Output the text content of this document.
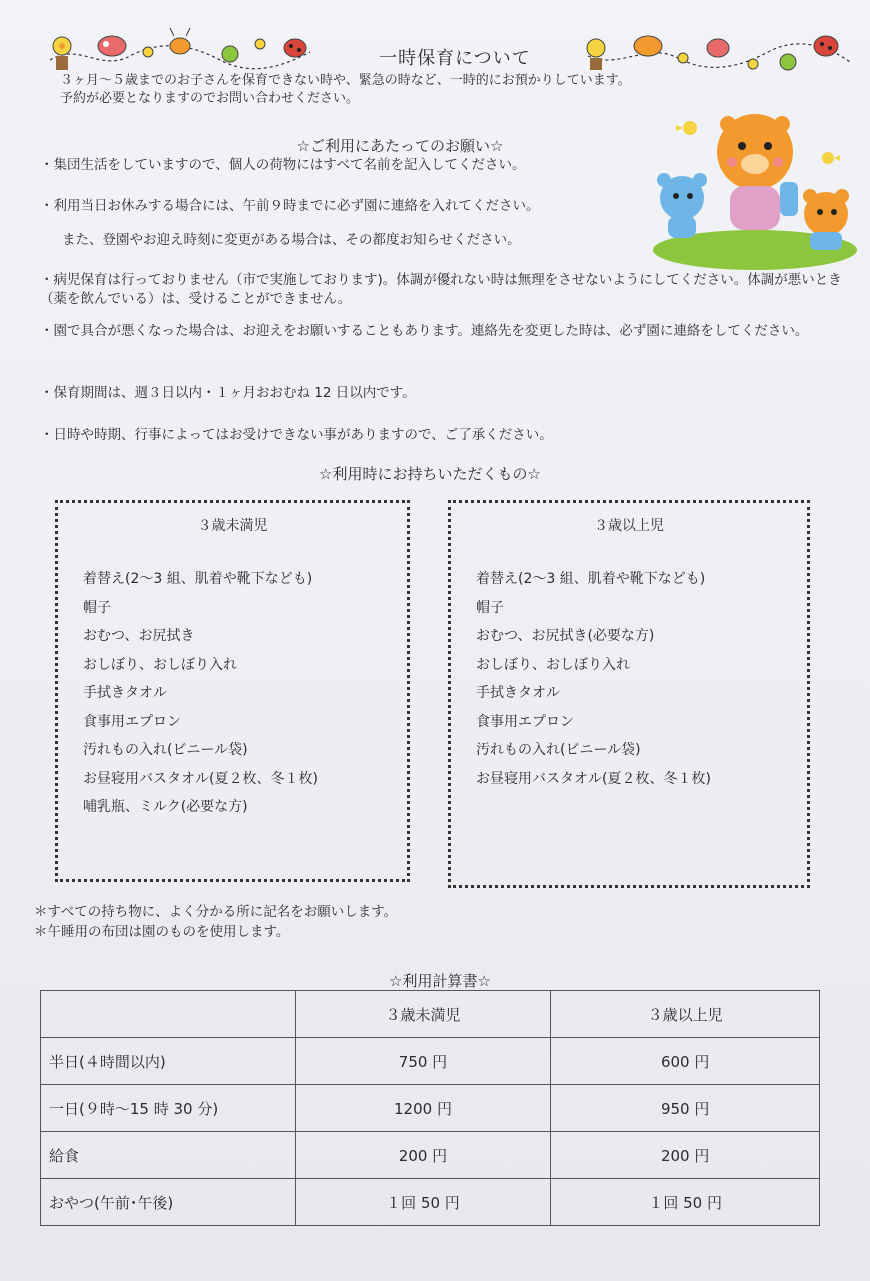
一時保育について
３ヶ月～５歳までのお子さんを保育できない時や、緊急の時など、一時的にお預かりしています。
予約が必要となりますのでお問い合わせください。
☆ご利用にあたってのお願い☆
・集団生活をしていますので、個人の荷物にはすべて名前を記入してください。
・利用当日お休みする場合には、午前９時までに必ず園に連絡を入れてください。
また、登園やお迎え時刻に変更がある場合は、その都度お知らせください。
・病児保育は行っておりません（市で実施しております)。体調が優れない時は無理をさせないようにしてください。体調が悪いとき（薬を飲んでいる）は、受けることができません。
・園で具合が悪くなった場合は、お迎えをお願いすることもあります。連絡先を変更した時は、必ず園に連絡をしてください。
・保育期間は、週３日以内・１ヶ月おおむね 12 日以内です。
・日時や時期、行事によってはお受けできない事がありますので、ご了承ください。
☆利用時にお持ちいただくもの☆
３歳未満児
着替え(2～3 組、肌着や靴下なども)
帽子
おむつ、お尻拭き
おしぼり、おしぼり入れ
手拭きタオル
食事用エプロン
汚れもの入れ(ビニール袋)
お昼寝用バスタオル(夏２枚、冬１枚)
哺乳瓶、ミルク(必要な方)
３歳以上児
着替え(2～3 組、肌着や靴下なども)
帽子
おむつ、お尻拭き(必要な方)
おしぼり、おしぼり入れ
手拭きタオル
食事用エプロン
汚れもの入れ(ビニール袋)
お昼寝用バスタオル(夏２枚、冬１枚)
＊すべての持ち物に、よく分かる所に記名をお願いします。
＊午睡用の布団は園のものを使用します。
☆利用計算書☆
	３歳未満児	３歳以上児
半日(４時間以内)	750 円	600 円
一日(９時～15 時 30 分)	1200 円	950 円
給食	200 円	200 円
おやつ(午前･午後)	１回 50 円	１回 50 円
